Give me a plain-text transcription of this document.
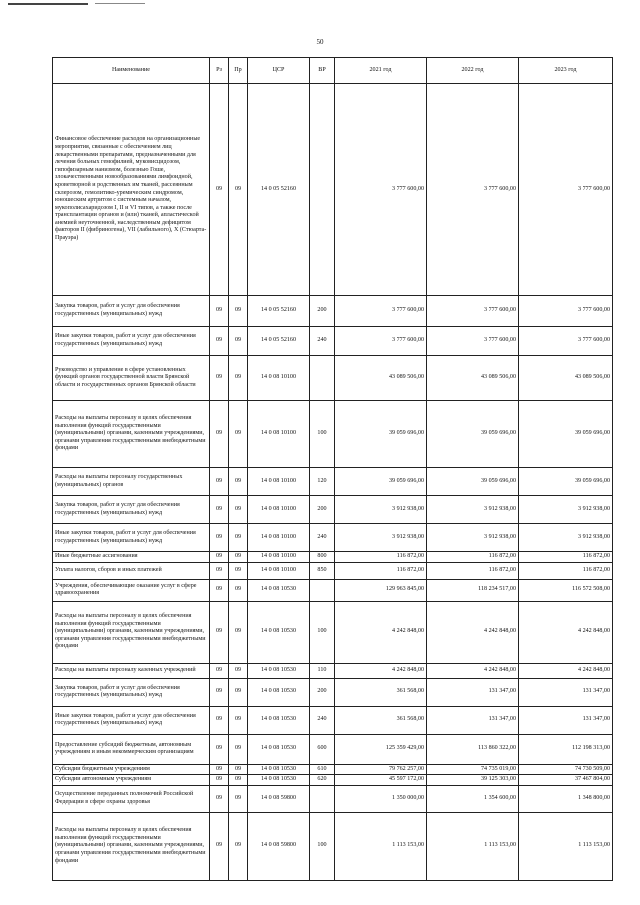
50
Наименование	Рз	Пр	ЦСР	ВР	2021 год	2022 год	2023 год
Финансовое обеспечение расходов на организационные мероприятия, связанные с обеспечением лиц лекарственными препаратами, предназначенными для лечения больных гемофилией, муковисцидозом, гипофизарным нанизмом, болезнью Гоше, злокачественными новообразованиями лимфоидной, кроветворной и родственных им тканей, рассеянным склерозом, гемолитико-уремическим синдромом, юношеским артритом с системным началом, мукополисахаридозом I, II и VI типов, а также после трансплантации органов и (или) тканей, апластической анемией неуточненной, наследственным дефицитом факторов II (фибриногена), VII (лабильного), X (Стюарта-Прауэра)	09	09	14 0 05 52160		3 777 600,00	3 777 600,00	3 777 600,00
Закупка товаров, работ и услуг для обеспечения государственных (муниципальных) нужд	09	09	14 0 05 52160	200	3 777 600,00	3 777 600,00	3 777 600,00
Иные закупки товаров, работ и услуг для обеспечения государственных (муниципальных) нужд	09	09	14 0 05 52160	240	3 777 600,00	3 777 600,00	3 777 600,00
Руководство и управление в сфере установленных функций органов государственной власти Брянской области и государственных органов Брянской области	09	09	14 0 08 10100		43 089 506,00	43 089 506,00	43 089 506,00
Расходы на выплаты персоналу в целях обеспечения выполнения функций государственными (муниципальными) органами, казенными учреждениями, органами управления государственными внебюджетными фондами	09	09	14 0 08 10100	100	39 059 696,00	39 059 696,00	39 059 696,00
Расходы на выплаты персоналу государственных (муниципальных) органов	09	09	14 0 08 10100	120	39 059 696,00	39 059 696,00	39 059 696,00
Закупка товаров, работ и услуг для обеспечения государственных (муниципальных) нужд	09	09	14 0 08 10100	200	3 912 938,00	3 912 938,00	3 912 938,00
Иные закупки товаров, работ и услуг для обеспечения государственных (муниципальных) нужд	09	09	14 0 08 10100	240	3 912 938,00	3 912 938,00	3 912 938,00
Иные бюджетные ассигнования	09	09	14 0 08 10100	800	116 872,00	116 872,00	116 872,00
Уплата налогов, сборов и иных платежей	09	09	14 0 08 10100	850	116 872,00	116 872,00	116 872,00
Учреждения, обеспечивающие оказание услуг в сфере здравоохранения	09	09	14 0 08 10530		129 963 845,00	118 234 517,00	116 572 508,00
Расходы на выплаты персоналу в целях обеспечения выполнения функций государственными (муниципальными) органами, казенными учреждениями, органами управления государственными внебюджетными фондами	09	09	14 0 08 10530	100	4 242 848,00	4 242 848,00	4 242 848,00
Расходы на выплаты персоналу казенных учреждений	09	09	14 0 08 10530	110	4 242 848,00	4 242 848,00	4 242 848,00
Закупка товаров, работ и услуг для обеспечения государственных (муниципальных) нужд	09	09	14 0 08 10530	200	361 568,00	131 347,00	131 347,00
Иные закупки товаров, работ и услуг для обеспечения государственных (муниципальных) нужд	09	09	14 0 08 10530	240	361 568,00	131 347,00	131 347,00
Предоставление субсидий бюджетным, автономным учреждениям и иным некоммерческим организациям	09	09	14 0 08 10530	600	125 359 429,00	113 860 322,00	112 198 313,00
Субсидии бюджетным учреждениям	09	09	14 0 08 10530	610	79 762 257,00	74 735 019,00	74 730 509,00
Субсидии автономным учреждениям	09	09	14 0 08 10530	620	45 597 172,00	39 125 303,00	37 467 804,00
Осуществление переданных полномочий Российской Федерации в сфере охраны здоровья	09	09	14 0 08 59800		1 350 000,00	1 354 600,00	1 348 800,00
Расходы на выплаты персоналу в целях обеспечения выполнения функций государственными (муниципальными) органами, казенными учреждениями, органами управления государственными внебюджетными фондами	09	09	14 0 08 59800	100	1 113 153,00	1 113 153,00	1 113 153,00
